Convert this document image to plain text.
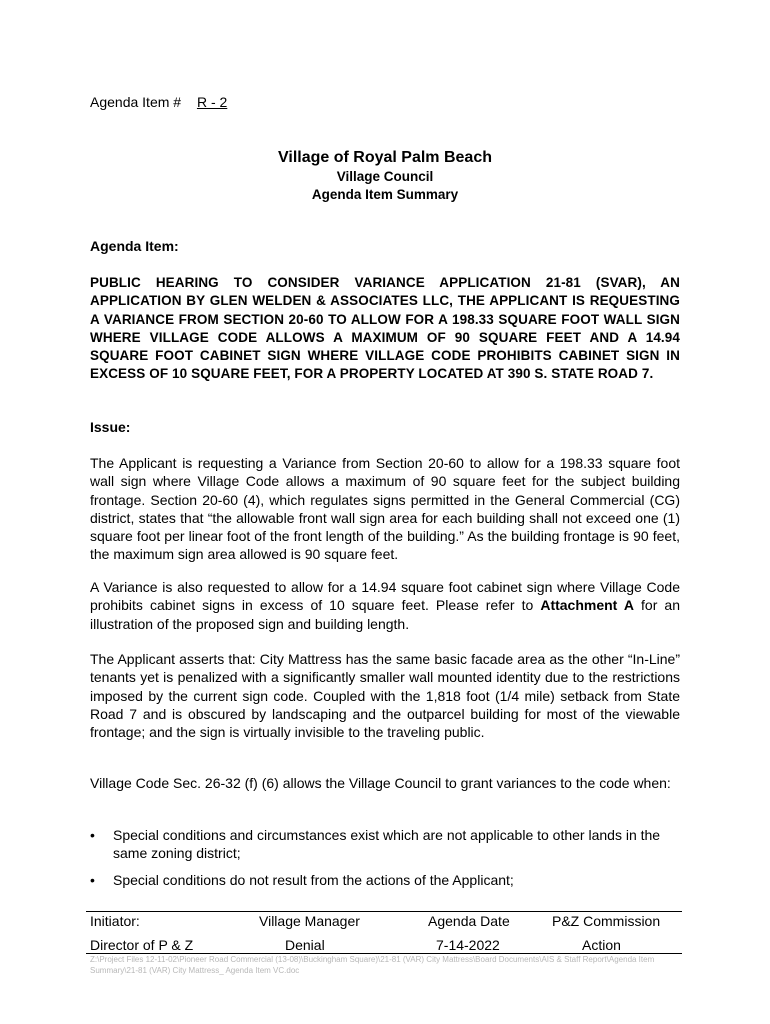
Agenda Item # R - 2
Village of Royal Palm Beach
Village Council
Agenda Item Summary
Agenda Item:
PUBLIC HEARING TO CONSIDER VARIANCE APPLICATION 21-81 (SVAR), AN APPLICATION BY GLEN WELDEN & ASSOCIATES LLC, THE APPLICANT IS REQUESTING A VARIANCE FROM SECTION 20-60 TO ALLOW FOR A 198.33 SQUARE FOOT WALL SIGN WHERE VILLAGE CODE ALLOWS A MAXIMUM OF 90 SQUARE FEET AND A 14.94 SQUARE FOOT CABINET SIGN WHERE VILLAGE CODE PROHIBITS CABINET SIGN IN EXCESS OF 10 SQUARE FEET, FOR A PROPERTY LOCATED AT 390 S. STATE ROAD 7.
Issue:
The Applicant is requesting a Variance from Section 20-60 to allow for a 198.33 square foot wall sign where Village Code allows a maximum of 90 square feet for the subject building frontage. Section 20-60 (4), which regulates signs permitted in the General Commercial (CG) district, states that “the allowable front wall sign area for each building shall not exceed one (1) square foot per linear foot of the front length of the building.” As the building frontage is 90 feet, the maximum sign area allowed is 90 square feet.
A Variance is also requested to allow for a 14.94 square foot cabinet sign where Village Code prohibits cabinet signs in excess of 10 square feet. Please refer to Attachment A for an illustration of the proposed sign and building length.
The Applicant asserts that: City Mattress has the same basic facade area as the other “In-Line” tenants yet is penalized with a significantly smaller wall mounted identity due to the restrictions imposed by the current sign code. Coupled with the 1,818 foot (1/4 mile) setback from State Road 7 and is obscured by landscaping and the outparcel building for most of the viewable frontage; and the sign is virtually invisible to the traveling public.
Village Code Sec. 26-32 (f) (6) allows the Village Council to grant variances to the code when:
• Special conditions and circumstances exist which are not applicable to other lands in the same zoning district;
• Special conditions do not result from the actions of the Applicant;
Initiator:	Village Manager	Agenda Date	P&Z Commission
Director of P & Z	Denial	7-14-2022	Action
Z:\Project Files 12-11-02\Pioneer Road Commercial (13-08)\Buckingham Square)\21-81 (VAR) City Mattress\Board Documents\AIS & Staff Report\Agenda Item Summary\21-81 (VAR) City Mattress_ Agenda Item VC.doc
